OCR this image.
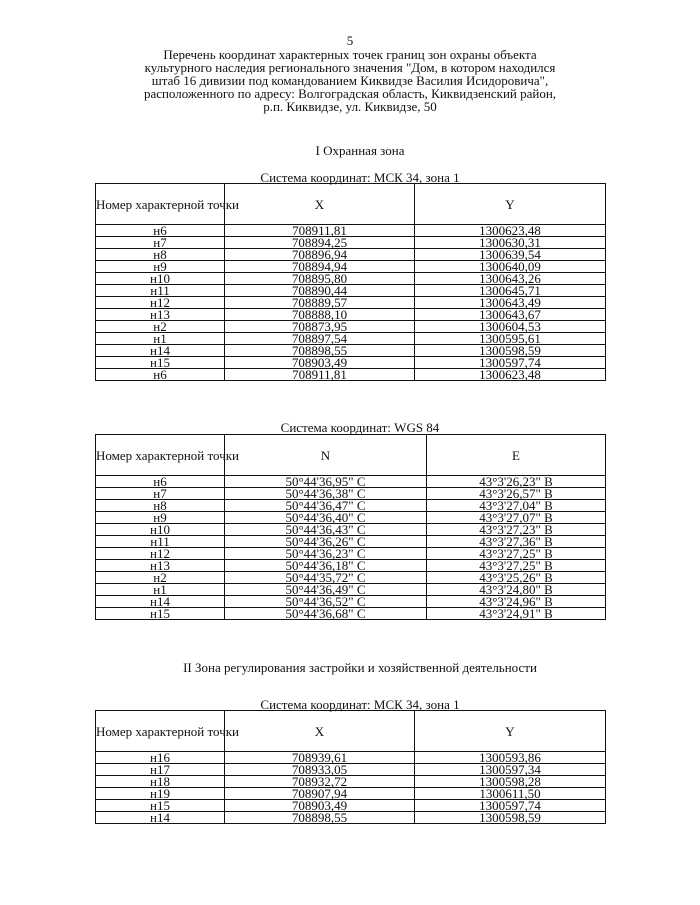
5
Перечень координат характерных точек границ зон охраны объекта
культурного наследия регионального значения "Дом, в котором находился
штаб 16 дивизии под командованием Киквидзе Василия Исидоровича",
расположенного по адресу: Волгоградская область, Киквидзенский район,
р.п. Киквидзе, ул. Киквидзе, 50
I Охранная зона
Система координат: МСК 34, зона 1
Номер характерной точки	X	Y
н6	708911,81	1300623,48
н7	708894,25	1300630,31
н8	708896,94	1300639,54
н9	708894,94	1300640,09
н10	708895,80	1300643,26
н11	708890,44	1300645,71
н12	708889,57	1300643,49
н13	708888,10	1300643,67
н2	708873,95	1300604,53
н1	708897,54	1300595,61
н14	708898,55	1300598,59
н15	708903,49	1300597,74
н6	708911,81	1300623,48
Система координат: WGS 84
Номер характерной точки	N	E
н6	50°44'36,95" С	43°3'26,23" В
н7	50°44'36,38" С	43°3'26,57" В
н8	50°44'36,47" С	43°3'27,04" В
н9	50°44'36,40" С	43°3'27,07" В
н10	50°44'36,43" С	43°3'27,23" В
н11	50°44'36,26" С	43°3'27,36" В
н12	50°44'36,23" С	43°3'27,25" В
н13	50°44'36,18" С	43°3'27,25" В
н2	50°44'35,72" С	43°3'25,26" В
н1	50°44'36,49" С	43°3'24,80" В
н14	50°44'36,52" С	43°3'24,96" В
н15	50°44'36,68" С	43°3'24,91" В
II Зона регулирования застройки и хозяйственной деятельности
Система координат: МСК 34, зона 1
Номер характерной точки	X	Y
н16	708939,61	1300593,86
н17	708933,05	1300597,34
н18	708932,72	1300598,28
н19	708907,94	1300611,50
н15	708903,49	1300597,74
н14	708898,55	1300598,59
